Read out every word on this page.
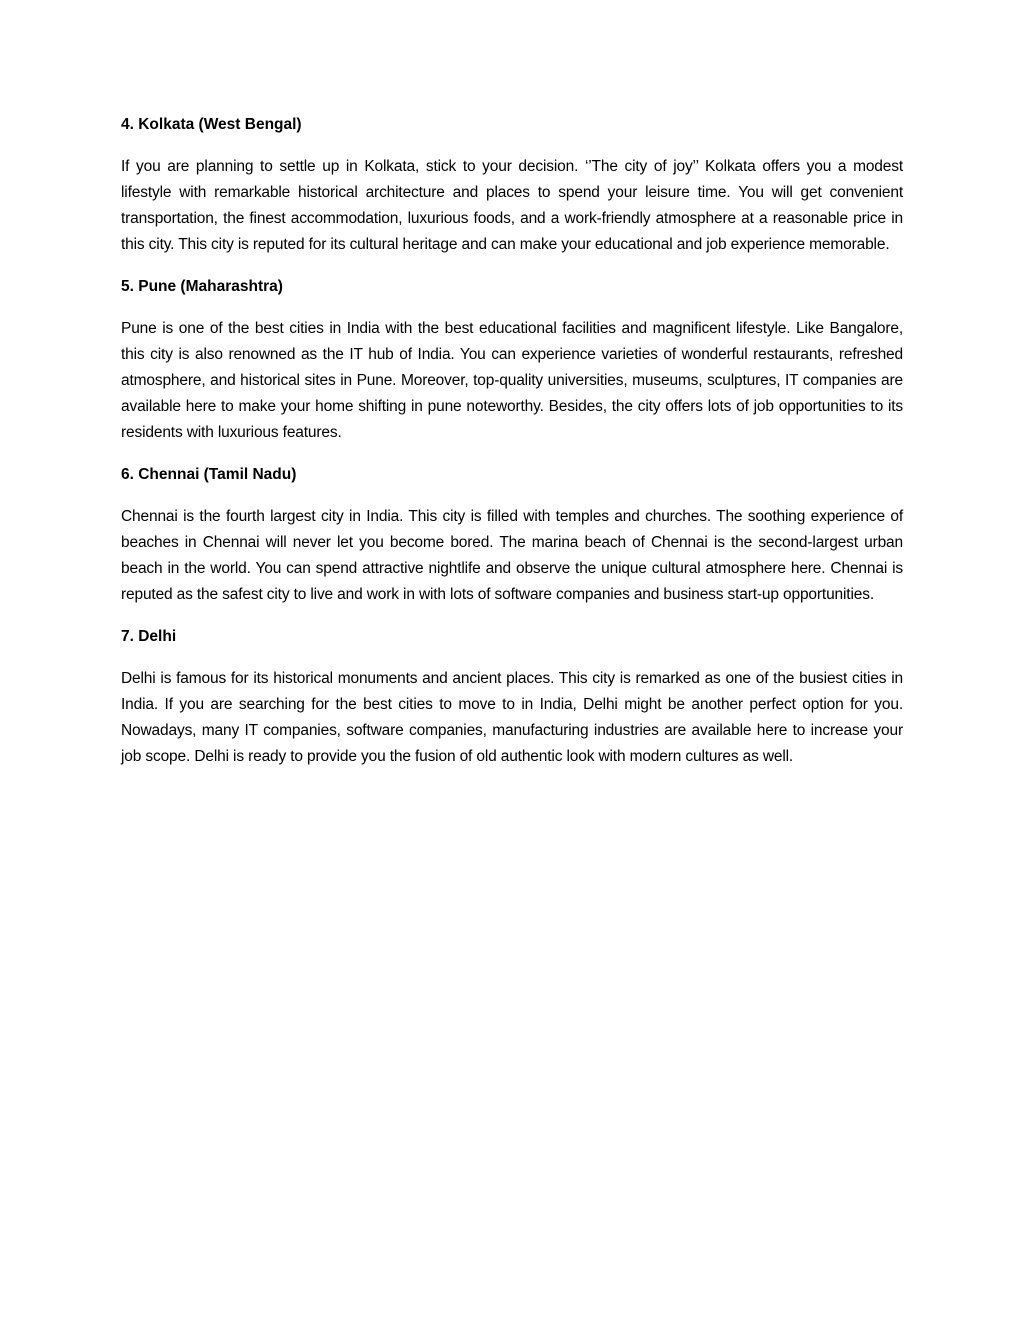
4. Kolkata (West Bengal)

If you are planning to settle up in Kolkata, stick to your decision. ‘’The city of joy’’ Kolkata offers you a modest lifestyle with remarkable historical architecture and places to spend your leisure time. You will get convenient transportation, the finest accommodation, luxurious foods, and a work-friendly atmosphere at a reasonable price in this city. This city is reputed for its cultural heritage and can make your educational and job experience memorable.

5. Pune (Maharashtra)

Pune is one of the best cities in India with the best educational facilities and magnificent lifestyle. Like Bangalore, this city is also renowned as the IT hub of India. You can experience varieties of wonderful restaurants, refreshed atmosphere, and historical sites in Pune. Moreover, top-quality universities, museums, sculptures, IT companies are available here to make your home shifting in pune noteworthy. Besides, the city offers lots of job opportunities to its residents with luxurious features.

6. Chennai (Tamil Nadu)

Chennai is the fourth largest city in India. This city is filled with temples and churches. The soothing experience of beaches in Chennai will never let you become bored. The marina beach of Chennai is the second-largest urban beach in the world. You can spend attractive nightlife and observe the unique cultural atmosphere here. Chennai is reputed as the safest city to live and work in with lots of software companies and business start-up opportunities.

7. Delhi

Delhi is famous for its historical monuments and ancient places. This city is remarked as one of the busiest cities in India. If you are searching for the best cities to move to in India, Delhi might be another perfect option for you. Nowadays, many IT companies, software companies, manufacturing industries are available here to increase your job scope. Delhi is ready to provide you the fusion of old authentic look with modern cultures as well.
